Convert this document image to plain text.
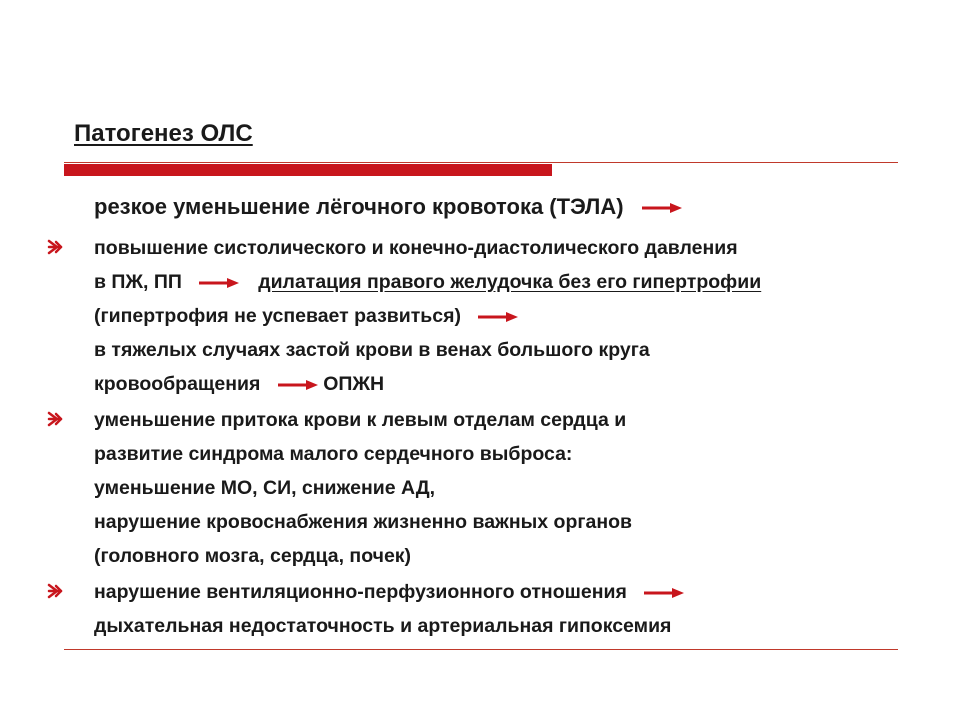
Патогенез ОЛС
резкое уменьшение лёгочного кровотока (ТЭЛА)
повышение систолического и конечно-диастолического давления
в ПЖ, ПП	дилатация правого желудочка без его гипертрофии
(гипертрофия не успевает развиться)
в тяжелых случаях застой крови в венах большого круга
кровообращения	ОПЖН
уменьшение притока крови к левым отделам сердца и
развитие синдрома малого сердечного выброса:
уменьшение МО, СИ, снижение АД,
нарушение кровоснабжения жизненно важных органов
(головного мозга, сердца, почек)
нарушение вентиляционно-перфузионного отношения
дыхательная недостаточность и артериальная гипоксемия
